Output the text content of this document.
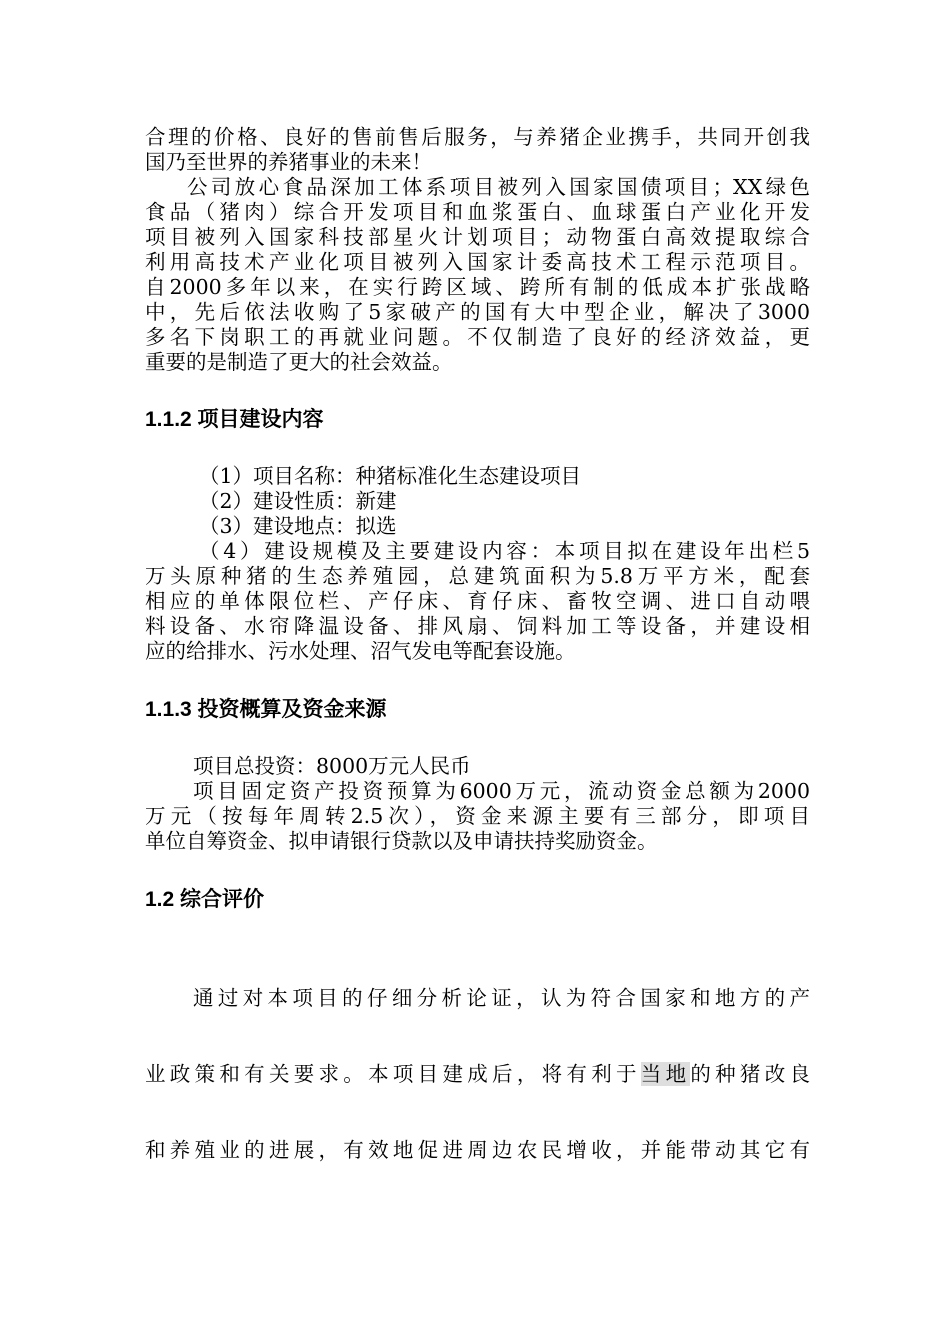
合理的价格、良好的售前售后服务，与养猪企业携手，共同开创我
国乃至世界的养猪事业的未来！
公司放心食品深加工体系项目被列入国家国债项目；XX绿色
食品（猪肉）综合开发项目和血浆蛋白、血球蛋白产业化开发
项目被列入国家科技部星火计划项目；动物蛋白高效提取综合
利用高技术产业化项目被列入国家计委高技术工程示范项目。
自2000多年以来，在实行跨区域、跨所有制的低成本扩张战略
中，先后依法收购了5家破产的国有大中型企业，解决了3000
多名下岗职工的再就业问题。不仅制造了良好的经济效益，更
重要的是制造了更大的社会效益。
1.1.2 项目建设内容
（1）项目名称：种猪标准化生态建设项目
（2）建设性质：新建
（3）建设地点：拟选
（4）建设规模及主要建设内容：本项目拟在建设年出栏5
万头原种猪的生态养殖园，总建筑面积为5.8万平方米，配套
相应的单体限位栏、产仔床、育仔床、畜牧空调、进口自动喂
料设备、水帘降温设备、排风扇、饲料加工等设备，并建设相
应的给排水、污水处理、沼气发电等配套设施。
1.1.3 投资概算及资金来源
项目总投资：8000万元人民币
项目固定资产投资预算为6000万元，流动资金总额为2000
万元（按每年周转2.5次），资金来源主要有三部分，即项目
单位自筹资金、拟申请银行贷款以及申请扶持奖励资金。
1.2 综合评价
通过对本项目的仔细分析论证，认为符合国家和地方的产
业政策和有关要求。本项目建成后，将有利于当地的种猪改良
和养殖业的进展，有效地促进周边农民增收，并能带动其它有
